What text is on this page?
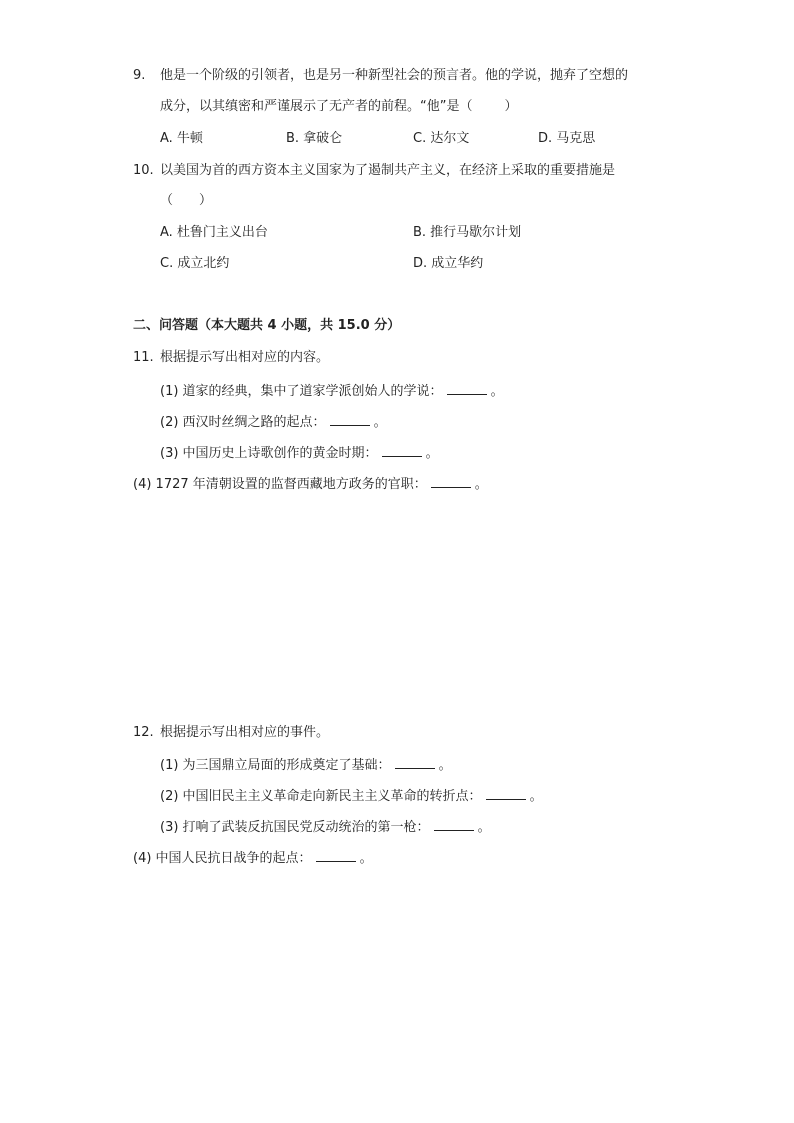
9. 他是一个阶级的引领者，也是另一种新型社会的预言者。他的学说，抛弃了空想的
成分，以其缜密和严谨展示了无产者的前程。“他”是（ ）
A. 牛顿	B. 拿破仑	C. 达尔文	D. 马克思
10. 以美国为首的西方资本主义国家为了遏制共产主义，在经济上采取的重要措施是
（ ）
A. 杜鲁门主义出台	B. 推行马歇尔计划
C. 成立北约	D. 成立华约
二、问答题（本大题共 4 小题，共 15.0 分）
11. 根据提示写出相对应的内容。
(1) 道家的经典，集中了道家学派创始人的学说：	。
(2) 西汉时丝绸之路的起点：	。
(3) 中国历史上诗歌创作的黄金时期：	。
(4) 1727 年清朝设置的监督西藏地方政务的官职：	。
12. 根据提示写出相对应的事件。
(1) 为三国鼎立局面的形成奠定了基础：	。
(2) 中国旧民主主义革命走向新民主主义革命的转折点：	。
(3) 打响了武装反抗国民党反动统治的第一枪：	。
(4) 中国人民抗日战争的起点：	。
